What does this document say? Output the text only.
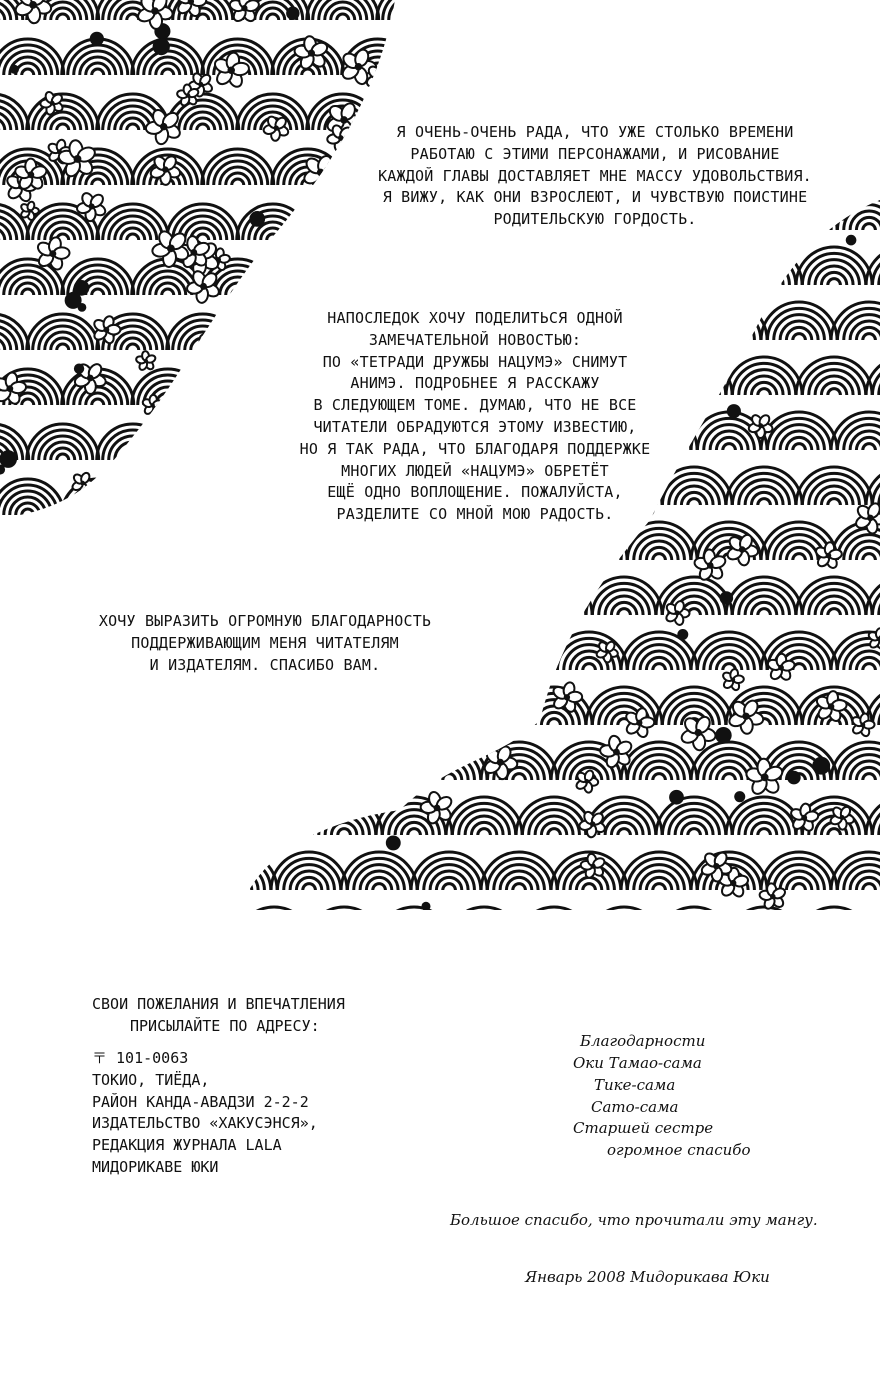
Я ОЧЕНЬ-ОЧЕНЬ РАДА, ЧТО УЖЕ СТОЛЬКО ВРЕМЕНИ
РАБОТАЮ С ЭТИМИ ПЕРСОНАЖАМИ, И РИСОВАНИЕ
КАЖДОЙ ГЛАВЫ ДОСТАВЛЯЕТ МНЕ МАССУ УДОВОЛЬСТВИЯ.
Я ВИЖУ, КАК ОНИ ВЗРОСЛЕЮТ, И ЧУВСТВУЮ ПОИСТИНЕ
РОДИТЕЛЬСКУЮ ГОРДОСТЬ.
НАПОСЛЕДОК ХОЧУ ПОДЕЛИТЬСЯ ОДНОЙ
ЗАМЕЧАТЕЛЬНОЙ НОВОСТЬЮ:
ПО «ТЕТРАДИ ДРУЖБЫ НАЦУМЭ» СНИМУТ
АНИМЭ. ПОДРОБНЕЕ Я РАССКАЖУ
В СЛЕДУЮЩЕМ ТОМЕ. ДУМАЮ, ЧТО НЕ ВСЕ
ЧИТАТЕЛИ ОБРАДУЮТСЯ ЭТОМУ ИЗВЕСТИЮ,
НО Я ТАК РАДА, ЧТО БЛАГОДАРЯ ПОДДЕРЖКЕ
МНОГИХ ЛЮДЕЙ «НАЦУМЭ» ОБРЕТЁТ
ЕЩЁ ОДНО ВОПЛОЩЕНИЕ. ПОЖАЛУЙСТА,
РАЗДЕЛИТЕ СО МНОЙ МОЮ РАДОСТЬ.
ХОЧУ ВЫРАЗИТЬ ОГРОМНУЮ БЛАГОДАРНОСТЬ
ПОДДЕРЖИВАЮЩИМ МЕНЯ ЧИТАТЕЛЯМ
И ИЗДАТЕЛЯМ. СПАСИБО ВАМ.
СВОИ ПОЖЕЛАНИЯ И ВПЕЧАТЛЕНИЯ
ПРИСЫЛАЙТЕ ПО АДРЕСУ:
〒 101-0063
ТОКИО, ТИЁДА,
РАЙОН КАНДА-АВАДЗИ 2-2-2
ИЗДАТЕЛЬСТВО «ХАКУСЭНСЯ»,
РЕДАКЦИЯ ЖУРНАЛА LALA
МИДОРИКАВЕ ЮКИ
Благодарности
Оки Тамао-сама
Тике-сама
Сато-сама
Старшей сестре
огромное спасибо
Большое спасибо, что прочитали эту мангу.
Январь 2008 Мидорикава Юки
